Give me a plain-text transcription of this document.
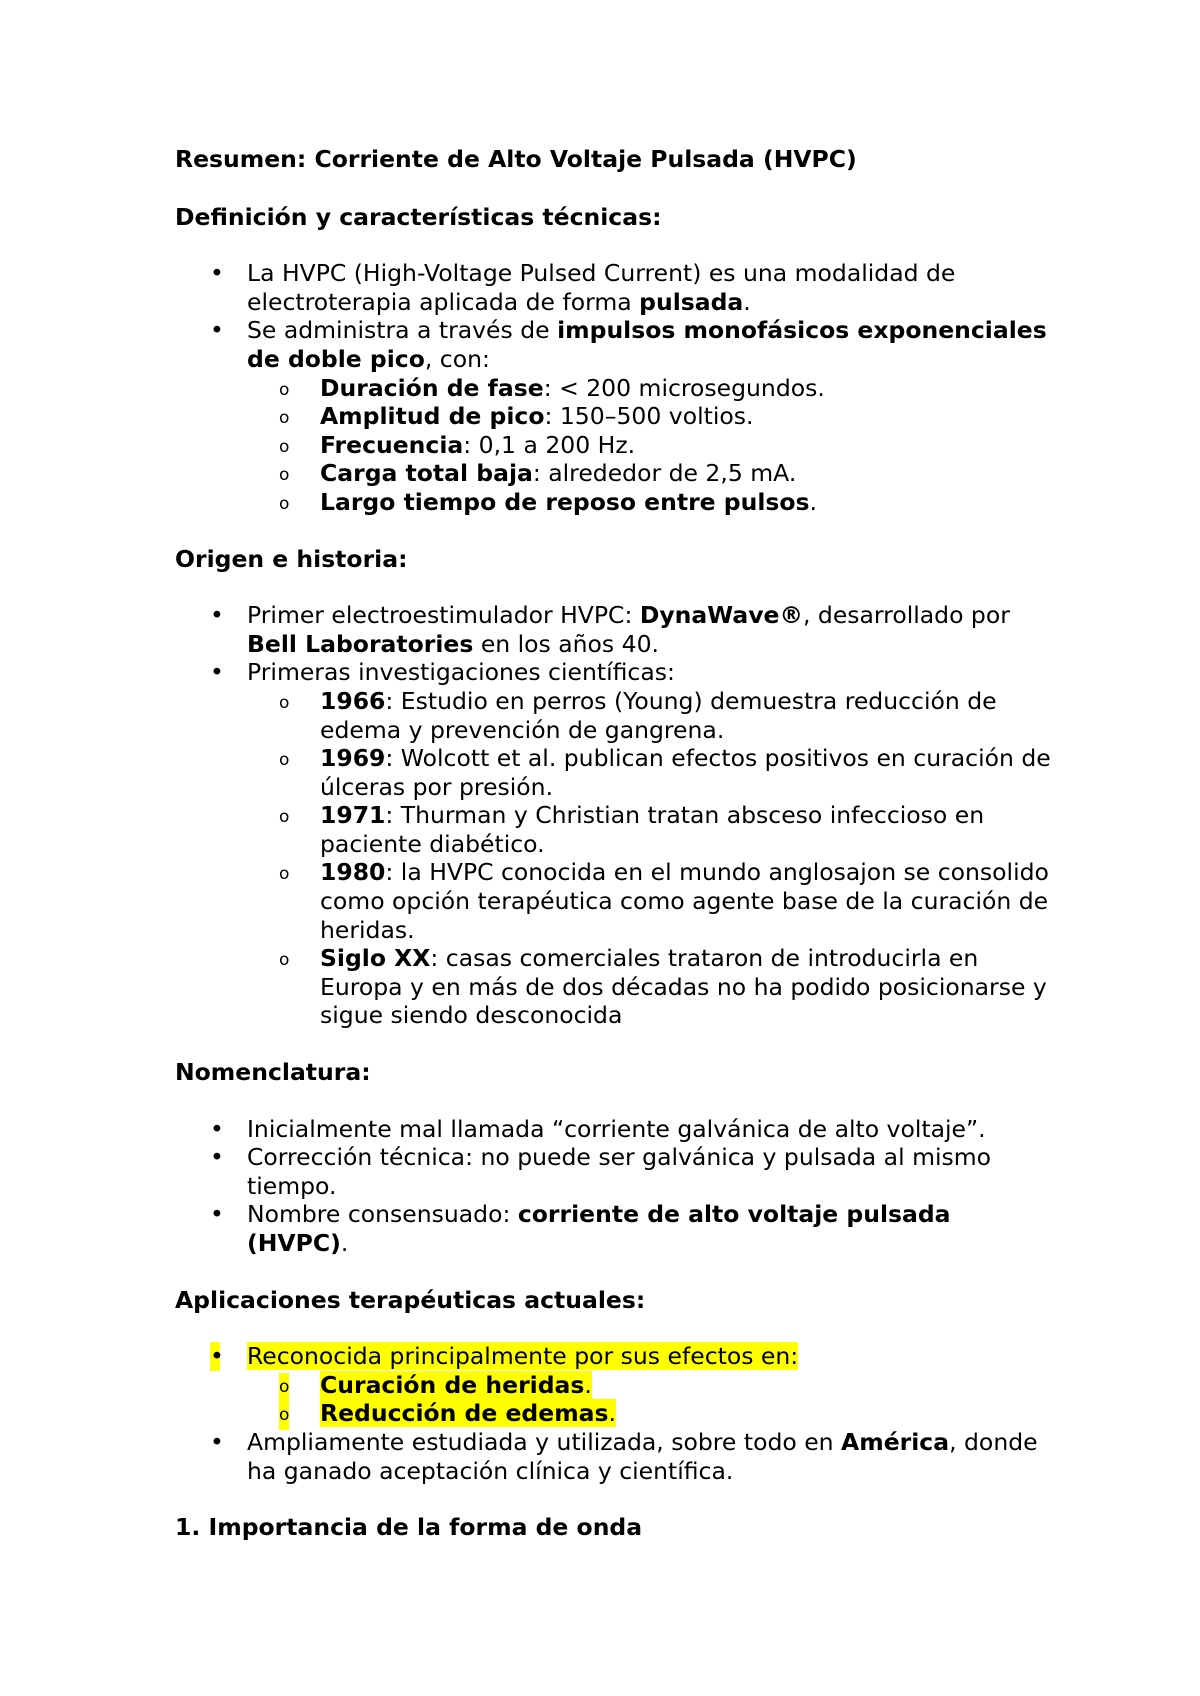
Resumen: Corriente de Alto Voltaje Pulsada (HVPC)

Definición y características técnicas:

• La HVPC (High-Voltage Pulsed Current) es una modalidad de electroterapia aplicada de forma pulsada.
• Se administra a través de impulsos monofásicos exponenciales de doble pico, con:
o Duración de fase: < 200 microsegundos.
o Amplitud de pico: 150–500 voltios.
o Frecuencia: 0,1 a 200 Hz.
o Carga total baja: alrededor de 2,5 mA.
o Largo tiempo de reposo entre pulsos.

Origen e historia:

• Primer electroestimulador HVPC: DynaWave®, desarrollado por Bell Laboratories en los años 40.
• Primeras investigaciones científicas:
o 1966: Estudio en perros (Young) demuestra reducción de edema y prevención de gangrena.
o 1969: Wolcott et al. publican efectos positivos en curación de úlceras por presión.
o 1971: Thurman y Christian tratan absceso infeccioso en paciente diabético.
o 1980: la HVPC conocida en el mundo anglosajon se consolido como opción terapéutica como agente base de la curación de heridas.
o Siglo XX: casas comerciales trataron de introducirla en Europa y en más de dos décadas no ha podido posicionarse y sigue siendo desconocida

Nomenclatura:

• Inicialmente mal llamada “corriente galvánica de alto voltaje”.
• Corrección técnica: no puede ser galvánica y pulsada al mismo tiempo.
• Nombre consensuado: corriente de alto voltaje pulsada (HVPC).

Aplicaciones terapéuticas actuales:

• Reconocida principalmente por sus efectos en:
o Curación de heridas.
o Reducción de edemas.
• Ampliamente estudiada y utilizada, sobre todo en América, donde ha ganado aceptación clínica y científica.

1. Importancia de la forma de onda
